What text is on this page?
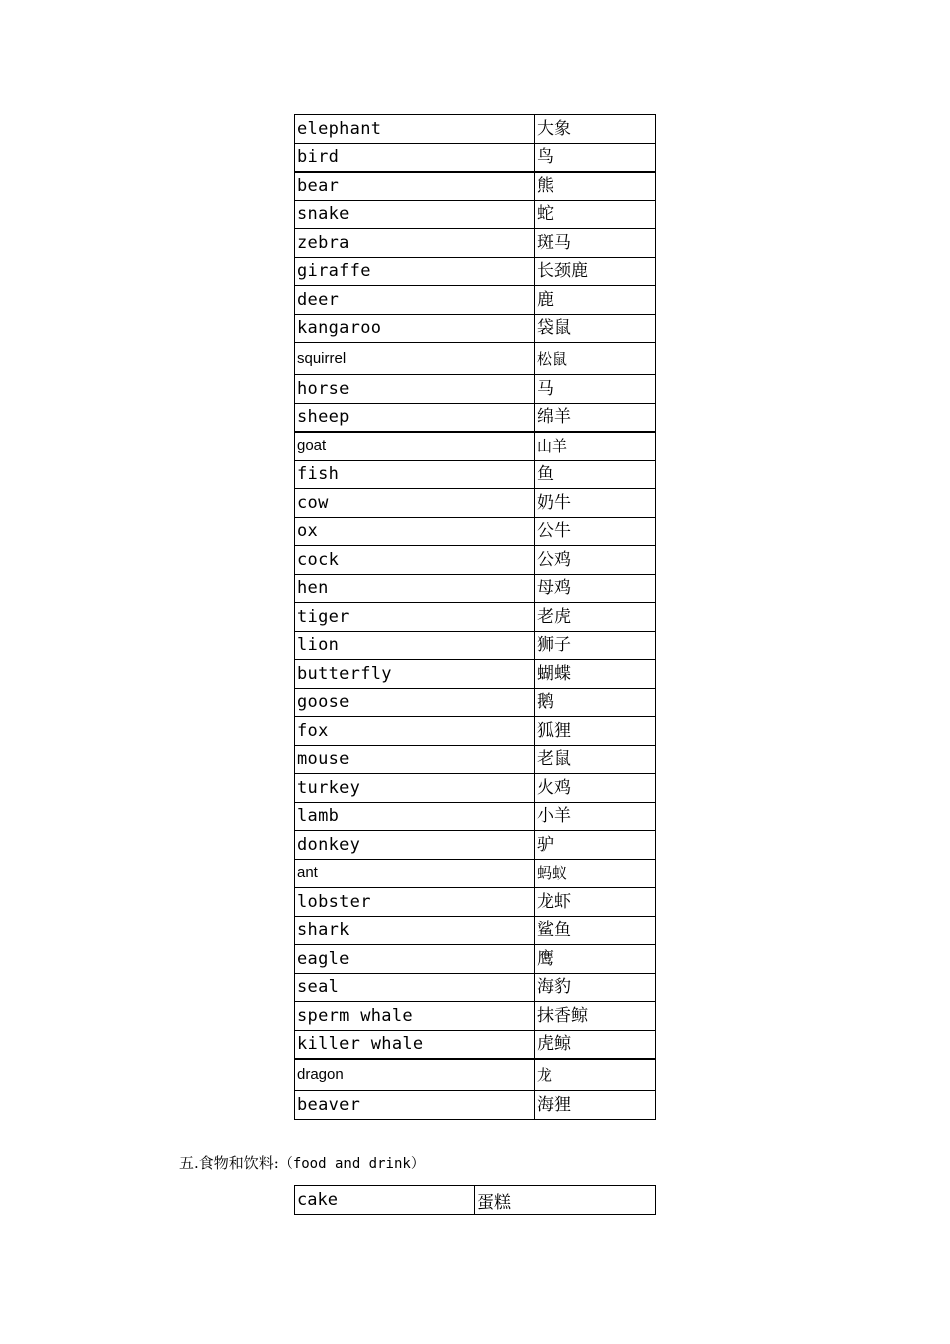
elephant	大象
bird	鸟
bear	熊
snake	蛇
zebra	斑马
giraffe	长颈鹿
deer	鹿
kangaroo	袋鼠
squirrel	松鼠
horse	马
sheep	绵羊
goat	山羊
fish	鱼
cow	奶牛
ox	公牛
cock	公鸡
hen	母鸡
tiger	老虎
lion	狮子
butterfly	蝴蝶
goose	鹅
fox	狐狸
mouse	老鼠
turkey	火鸡
lamb	小羊
donkey	驴
ant	蚂蚁
lobster	龙虾
shark	鲨鱼
eagle	鹰
seal	海豹
sperm whale	抹香鲸
killer whale	虎鲸
dragon	龙
beaver	海狸
五.食物和饮料:（food and drink）
cake	蛋糕
